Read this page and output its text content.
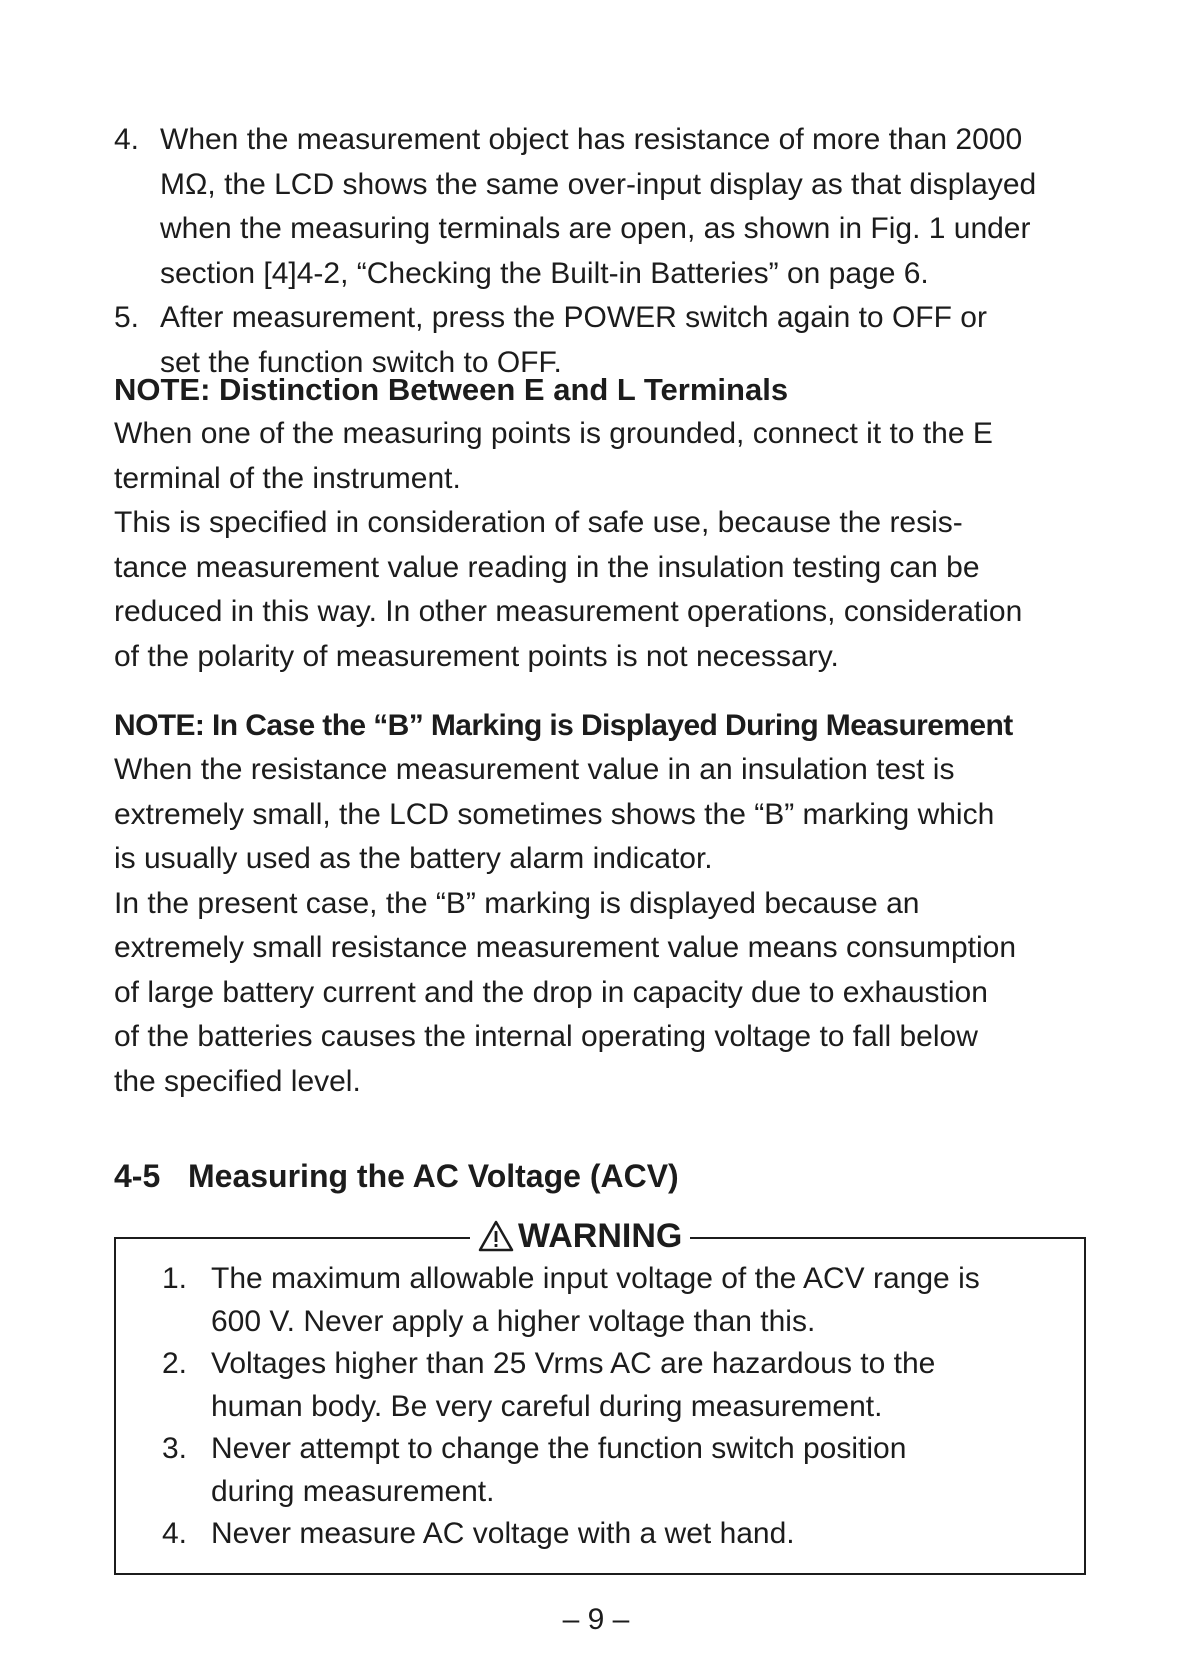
4. When the measurement object has resistance of more than 2000
MΩ, the LCD shows the same over-input display as that displayed
when the measuring terminals are open, as shown in Fig. 1 under
section [4]4-2, “Checking the Built-in Batteries” on page 6.
5. After measurement, press the POWER switch again to OFF or
set the function switch to OFF.
NOTE: Distinction Between E and L Terminals

When one of the measuring points is grounded, connect it to the E
terminal of the instrument.
This is specified in consideration of safe use, because the resis-
tance measurement value reading in the insulation testing can be
reduced in this way. In other measurement operations, consideration
of the polarity of measurement points is not necessary.

NOTE: In Case the “B” Marking is Displayed During Measurement

When the resistance measurement value in an insulation test is
extremely small, the LCD sometimes shows the “B” marking which
is usually used as the battery alarm indicator.
In the present case, the “B” marking is displayed because an
extremely small resistance measurement value means consumption
of large battery current and the drop in capacity due to exhaustion
of the batteries causes the internal operating voltage to fall below
the specified level.

4-5 Measuring the AC Voltage (ACV)
WARNING
1. The maximum allowable input voltage of the ACV range is
600 V. Never apply a higher voltage than this.
2. Voltages higher than 25 Vrms AC are hazardous to the
human body. Be very careful during measurement.
3. Never attempt to change the function switch position
during measurement.
4. Never measure AC voltage with a wet hand.
– 9 –
